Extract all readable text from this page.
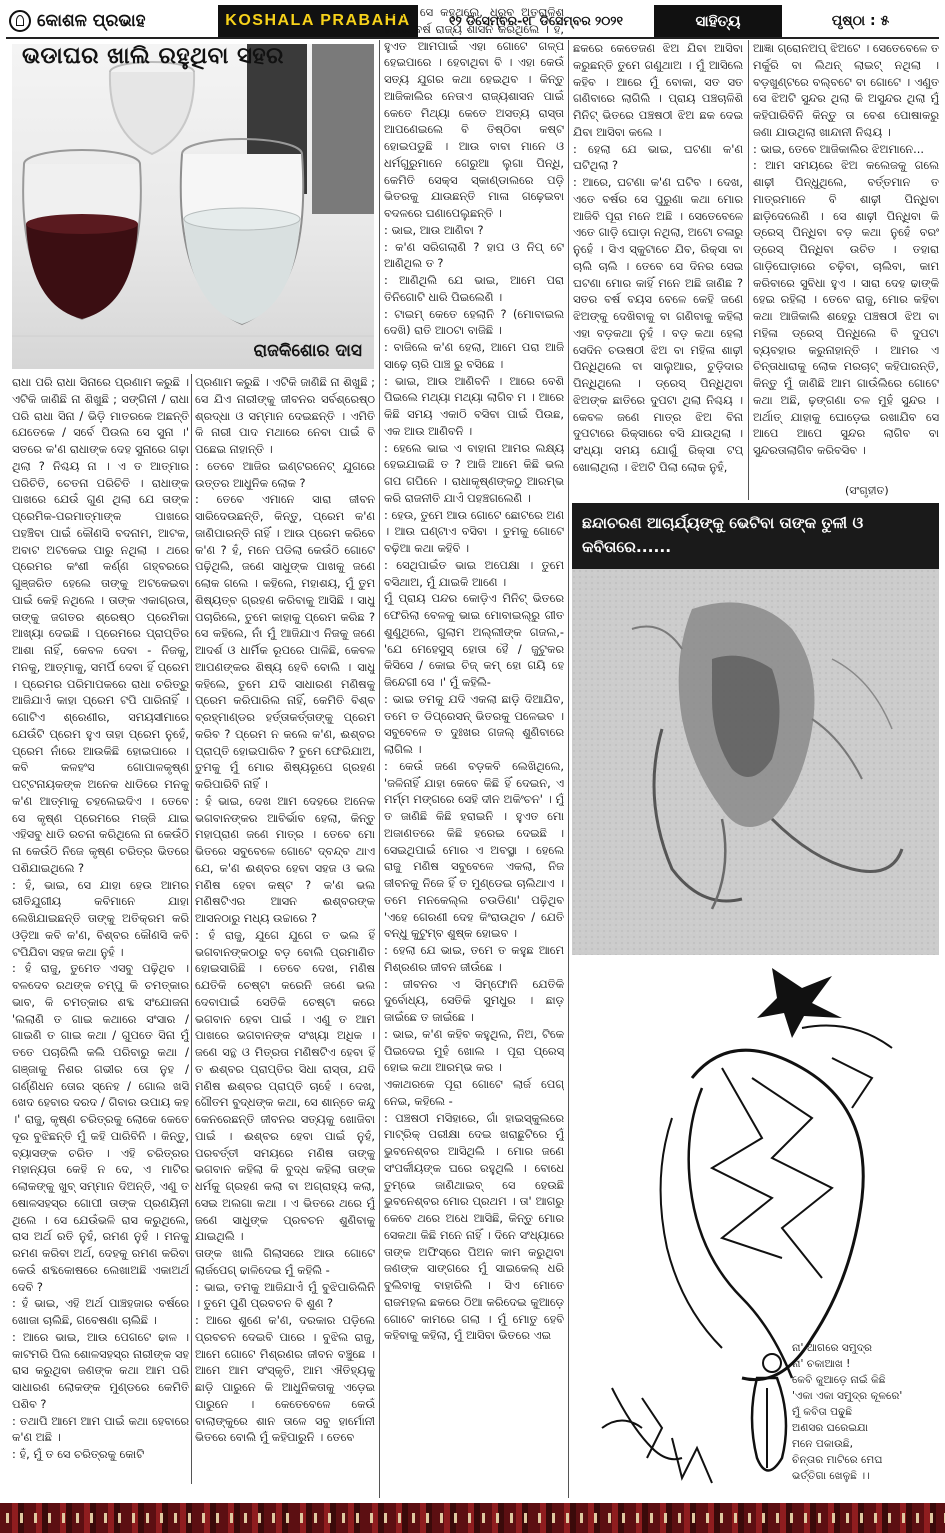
କୋଶଳ ପ୍ରଭାହ	KOSHALA PRABAHA	୧୨ ଡିସେମ୍ବର-୧୮ ଡିସେମ୍ବର ୨୦୨୧	ସାହିତ୍ୟ	ପୃଷ୍ଠା : ୫
ରାଜକିଶୋର ଦାସ
ଭଡାଘର ଖାଲି ରହୁଥିବା ସହର

ରାଧା ପରି ରାଧା ସିନାରେ ପ୍ରଣାମ କରୁଛି । ଏଟିକି ଜାଣିଛି ନା ଶିଖୁଛି ; ସଙ୍ଗିନୀ / ରାଧା ପରି ରାଧା ସିନା / ଭିଡ଼ି ମାତରକେ ଅଛନ୍ତି ଯେତେକେ / ସର୍ବେ ପିଉଲ ସେ ସୁନା ।' ସତରେ କ'ଣ ରାଧାଙ୍କ ଦେହ ସୁନାରେ ଗଢ଼ା ଥିଲା ? ନିଶ୍ଚୟ ନା । ଏ ତ ଆତ୍ମାର ପରିଚିତି, ଚେତନା ପରିଚିତି । ରାଧାଙ୍କ ପାଖରେ ଯେଉଁ ଗୁଣ ଥିଲା ଯେ ତାଙ୍କ ପ୍ରେମିକ-ପରମାତ୍ମାଙ୍କ ପାଖରେ ପହଞ୍ଚିବା ପାଇଁ କୌଣସି ବଦନାମ, ଆଟକ, ଅବାଟ ଅଟକେଇ ପାରୁ ନଥିଲା । ଥରେ ପ୍ରେମର କଂଶୀ କର୍ଣ୍ଣ ଗହ୍ବରରେ ଗୁଞ୍ଜରିତ ହେଲେ ତାଙ୍କୁ ଅଟକେଇବା ପାଇଁ କେହି ନଥିଲେ । ତାଙ୍କ ଏକାଗ୍ରତା, ତାଙ୍କୁ ଜଗତର ଶ୍ରେଷ୍ଠ ପ୍ରେମିକା ଆଖ୍ୟା ଦେଇଛି । ପ୍ରେମରେ ପ୍ରାପ୍ତିର ଆଶା ନାହିଁ, କେବଳ ଦେବା - ନିଜକୁ, ମନକୁ, ଆତ୍ମାକୁ, ସମର୍ପି ଦେବା ହିଁ ପ୍ରେମ । ପ୍ରେମର ପରିମାପକରେ ରାଧା ଚରିତ୍ରୁ ଆଜିଯାଏଁ କାହା ପ୍ରେମ ଟପି ପାରିନାହିଁ । ଗୋଟିଏ ଶ୍ରେଣୀର, ସମୟସୀମାରେ ଯେଉଁଟି ପ୍ରେମ ହୁଏ ତାହା ପ୍ରେମ ନୁହେଁ, ପ୍ରେମ ନାଁରେ ଆଉକିଛି ହୋଇପାରେ । କବି କଳହଂସ ଗୋପାଳକୃଷ୍ଣ ପଟ୍ଟନାୟକଙ୍କ ଅନେକ ଧାଡିରେ ମନକୁ କ'ଣ ଆତ୍ମାକୁ ଚହଲେଇଦିଏ । ତେବେ ସେ କୃଷ୍ଣ ପ୍ରେମରେ ମଜ୍ଜି ଯାଇ ଏହିସବୁ ଧାଡି ରଚନା କରିଥିଲେ ନା କେଉଁଠି ନା କେଉଁଠି ନିଜେ କୃଷ୍ଣ ଚରିତ୍ର ଭିତରେ ପଶିଯାଇଥିଲେ ?

: ହଁ, ଭାଇ, ସେ ଯାହା ହେଉ ଆମର ରୀତିଯୁଗୀୟ କବିମାନେ ଯାହା ଲେଖିଯାଇଛନ୍ତି ତାଙ୍କୁ ଅତିକ୍ରମ କରି ଓଡ଼ିଆ କବି କ'ଣ, ବିଶ୍ବର କୌଣସି କବି ଟପିଯିବା ସହଜ କଥା ନୁହଁ ।

: ହଁ ରାଜୁ, ତୁମେତ ଏସବୁ ପଢ଼ିଥିବ । ବଳଦେବ ରଥଙ୍କ ଚମ୍ପୁ କି ଚମତ୍କାର ଭାବ, କି ଚମତ୍କାର ଶବ୍ଦ ସଂଯୋଜନା 'ଲଲାଣି ତ ଗାଇ କଥାରେ ସଂସାର / ଗାଇଣି ତ ଗାଇ କଥା / ଗୁପତେ ସିନା ମୁଁ ତତେ ପଚାରିଲି କଲି ପରିବାରୁ କଥା / ଗଞ୍ଜାକୁ ନିଶର ଗଭୀର ତୋ ନୁହ / ଗର୍ଣ୍ଣିଧନ ତୋର ସ୍ନେହ / ଗୋଲ ଖସି ଖେଦ ହେବାର ଦରଦ / ଗିବାର ଉପାୟ କହ ।' ରାଜୁ, କୃଷ୍ଣ ଚରିତ୍ରକୁ ଲୋକେ କେତେ ଦୂର ବୁଝିଛନ୍ତି ମୁଁ କହି ପାରିବିନି । କିନ୍ତୁ, ବ୍ୟାସଙ୍କ ଚରିତ । ଏହି ଚରିତ୍ରର ମହାନ୍ୟତା କେହି ନ ଦେ, ଏ ମାଟିର ଲୋକଙ୍କୁ ଖୁବ୍ ସମ୍ମାନ ଦିଅନ୍ତି, ଏଣୁ ତ ଷୋଳସହସ୍ର ଗୋପୀ ତାଙ୍କ ପ୍ରଣୟିନୀ ଥିଲେ । ସେ ଯେଉଁଭଳି ରାସ କରୁଥିଲେ, ରାସ ଅର୍ଥ ରତି ନୁହଁ, ରମଣ ନୁହଁ । ମନକୁ ରମଣ କରିବା ଅର୍ଥ, ଦେହକୁ ରମଣ କରିବା କେଉଁ ଶବ୍ଦକୋଷରେ ଲେଖାଅଛି ଏକାଅର୍ଥ ଦେବି ?

: ହଁ ଭାଇ, ଏହି ଅର୍ଥ ପାଞ୍ଚହଜାର ବର୍ଷରେ ଖୋଜା ଚାଲିଛି, ଗବେଷଣା ଚାଲିଛି ।

: ଆରେ ଭାଇ, ଆଉ ପେଗଟେ ଢାଳ । କାଟମରି ପିଲ ଶୋଳସହସ୍ର ନାରୀଙ୍କ ସହ ରାସ କରୁଥିବା ଜଣଙ୍କ କଥା ଆମ ପରି ସାଧାରଣ ଲୋକଙ୍କ ମୁଣ୍ଡରେ କେମିତି ପଶିବ ?

: ତଥାପି ଆମେ ଆମ ପାଇଁ କଥା ହେବାରେ କ'ଣ ଅଛି ।

: ହଁ, ମୁଁ ତ ସେ ଚରିତ୍ରକୁ କୋଟି

ପ୍ରଣାମ କରୁଛି । ଏଟିକି ଜାଣିଛି ନା ଶିଖୁଛି ; ସେ ଯିଏ ନାରୀଙ୍କୁ ଜୀବନର ସର୍ବଶ୍ରେଷ୍ଠ ଶ୍ରଦ୍ଧା ଓ ସମ୍ମାନ ଦେଇଛନ୍ତି । ଏମିତି କି ନାରୀ ପାଦ ମଥାରେ ନେବା ପାଇଁ ବି ପଛେଇ ନାହାନ୍ତି ।

: ତେବେ ଆଜିର ଇଣ୍ଟରନେଟ୍ ଯୁଗରେ ଉତ୍ତର ଆଧୁନିକ ଲୋକ ?

: ତେବେ ଏମାନେ ସାରା ଜୀବନ ସାରିଦେଉଛନ୍ତି, କିନ୍ତୁ, ପ୍ରେମ କ'ଣ ଜାଣିପାରନ୍ତି ନାହିଁ । ଆଉ ପ୍ରେମ କରିବେ କ'ଣ ? ହଁ, ମନେ ପଡିଲା କେଉଁଠି ଗୋଟେ ପଢ଼ିଥିଲି, ଜଣେ ସାଧୁଙ୍କ ପାଖକୁ ଜଣେ ଲୋକ ଗଲେ । କହିଲେ, ମହାଶୟ, ମୁଁ ତୁମ ଶିଷ୍ୟତ୍ବ ଗ୍ରହଣ କରିବାକୁ ଆସିଛି । ସାଧୁ ପଚାରିଲେ, ତୁମେ କାହାକୁ ପ୍ରେମ କରିଛ ? ସେ କହିଲେ, ନାଁ ମୁଁ ଆଜିଯାଏ ନିଜକୁ ଜଣେ ଆଦର୍ଶ ଓ ଧାର୍ମିକ ରୂପରେ ପାଳିଛି, କେବଳ ଆପଣଙ୍କର ଶିଷ୍ୟ ହେବି ବୋଲି । ସାଧୁ କହିଲେ, ତୁମେ ଯଦି ସାଧାରଣ ମଣିଷକୁ ପ୍ରେମ କରିପାରିଲ ନାହିଁ, କେମିତି ବିଶ୍ବ ବ୍ରହ୍ମାଣ୍ଡର ହର୍ତ୍ତାକର୍ତ୍ତାଙ୍କୁ ପ୍ରେମ କରିବ ? ପ୍ରେମ ନ କଲେ କ'ଣ, ଈଶ୍ବର ପ୍ରାପ୍ତି ହୋଇପାରିବ ? ତୁମେ ଫେରିଯାଅ, ତୁମକୁ ମୁଁ ମୋର ଶିଷ୍ୟରୂପେ ଗ୍ରହଣ କରିପାରିବି ନାହିଁ ।

: ହଁ ଭାଇ, ଦେଖ ଆମ ଦେହରେ ଅନେକ ଭଗବାନଙ୍କର ଆବିର୍ଭାବ ହେଲା, କିନ୍ତୁ ମହାପ୍ରାଣ ଜଣେ ମାତ୍ର । ତେବେ ମୋ ଭିତରେ ସବୁବେଳେ ଗୋଟେ ଦ୍ବନ୍ଦ୍ବ ଥାଏ ଯେ, କ'ଣ ଈଶ୍ବର ହେବା ସହଜ ଓ ଭଲ ମଣିଷ ହେବା କଷ୍ଟ ? କ'ଣ ଭଲ ମଣିଷଟିଏର ଆସନ ଈଶ୍ବରଙ୍କ ଆସନଠାରୁ ମଧ୍ୟ ଉଚ୍ଚାରେ ?

: ହଁ ରାଜୁ, ଯୁଗେ ଯୁଗେ ତ ଭଲ ହିଁ ଭଗବାନଙ୍କଠାରୁ ବଡ଼ ବୋଲି ପ୍ରମାଣିତ ହୋଇସାରିଛି । ତେବେ ଦେଖ, ମଣିଷ ଯେତିକି ଚେଷ୍ଟା କରେନି ଜଣେ ଭଲ ଦେବାପାଇଁ ସେତିକି ଚେଷ୍ଟା କରେ ଭଗବାନ ହେବା ପାଇଁ । ଏଣୁ ତ ଆମ ପାଖରେ ଭଗବାନଙ୍କ ସଂଖ୍ୟା ଅଧିକ । ଜଣେ ସନ୍ଥ ଓ ମିତ୍ରତା ମଣିଷଟିଏ ହେବା ହିଁ ତ ଈଶ୍ବର ପ୍ରାପ୍ତିର ସିଧା ରାସ୍ତା, ଯଦି ମଣିଷ ଈଶ୍ବର ପ୍ରାପ୍ତି ଚାହେଁ । ଦେଖ, ଗୌତମ ବୁଦ୍ଧଙ୍କ କଥା, ସେ ଶାନ୍ତେ କନ୍ଦୁ କେନରେଛନ୍ତି ଜୀବନର ସତ୍ୟକୁ ଖୋଜିବା ପାଇଁ । ଈଶ୍ବର ହେବା ପାଇଁ ନୁହଁ, ପରବର୍ତ୍ତୀ ସମୟରେ ମଣିଷ ତାଙ୍କୁ ଭଗବାନ କହିଲା କି ବୁଦ୍ଧ କହିଲା ତାଙ୍କ ଧର୍ମକୁ ଗ୍ରହଣ କଲା ବା ଅଗ୍ରାହ୍ୟ କଲା, ସେଇ ଅଲଗା କଥା । ଏ ଭିତରେ ଥରେ ମୁଁ ଜଣେ ସାଧୁଙ୍କ ପ୍ରବଚନ ଶୁଣିବାକୁ ଯାଇଥିଲି ।

ତାଙ୍କ ଖାଲି ଗିଲାସରେ ଆଉ ଗୋଟେ ଲାର୍ଜପେଗ୍ ଢାଳିଦେଇ ମୁଁ କହିଲି -

: ଭାଇ, ତମକୁ ଆଜିଯାଏଁ ମୁଁ ବୁଝିପାରିଲିନି । ତୁମେ ପୁଣି ପ୍ରବଚନ ବି ଶୁଣ ?

: ଆରେ ଶୁଣେ କ'ଣ, ଦରକାର ପଡ଼ିଲେ ପ୍ରବଚନ ଦେଇବି ପାରେ । ବୁଝିଲ ରାଜୁ, ଆମେ ଗୋଟେ ମିଶ୍ରଣର ଜୀବନ ବଞ୍ଚୁଛେ । ଆମେ ଆମ ସଂସ୍କୃତି, ଆମ ଐତିହ୍ୟକୁ ଛାଡ଼ି ପାରୁନେ କି ଆଧୁନିକତାକୁ ଏଡ଼େଇ ପାରୁନେ । କେତେବେଳେ କେଉଁ ବାଲାଙ୍କୁରେ ଶାନ ତାଳେ ସବୁ ହାର୍ମୋନୀ ଭିତରେ ବୋଲି ମୁଁ କହିପାରୁନି । ତେବେ

ସେଦିନ ସେ କହୁଥିଲେ, ଧ୍ରୁବ ଅତରାଳିଶ ହଜାର ବର୍ଷ ରାଜ୍ୟ ଶାସନ କରିଥିଲେ । ହଁ, ହୁଏତ ଆମପାଇଁ ଏହା ଗୋଟେ ଗଳ୍ପ ହେଇପାରେ । ହେବାଥିବା ବି । ଏହା କେଉଁ ସତ୍ୟ ଯୁଗର କଥା ହେଇଥିବ । କିନ୍ତୁ ଆଜିକାଲିର ନେତାଏ ରାଜ୍ୟଶାସନ ପାଇଁ କେତେ ମିଥ୍ୟା କେତେ ଅସତ୍ୟ ରାସ୍ତା ଆପଣେଇଲେ ବି ତିଷ୍ଠିବା କଷ୍ଟ ହୋଇପଡୁଛି । ଆଉ ବାବା ମାନେ ଓ ଧର୍ମଗୁରୁମାନେ ଗେରୁଆ ଲୁଗା ପିନ୍ଧି, କେମିତି ସେକ୍ସ ସ୍କାଣ୍ଡାଲରେ ପଡ଼ି ଭିତରକୁ ଯାଉଛନ୍ତି ମାଳା ଗଢ଼େଇବା ବଦଳରେ ଘଣାପେଲୁଛନ୍ତି ।

: ଭାଇ, ଆଉ ଆଣିବା ?

: କ'ଣ ସରିଗଲାଣି ? ହାପ ଓ ନିପ୍ ଟେ ଆଣିଥିଲ ତ ?

: ଆଣିଥିଲି ଯେ ଭାଇ, ଆମେ ପରା ତିନିଗୋଟି ଧାରି ପିଇଲେଣି ।

: ଟାଇମ୍ କେତେ ହେଲାନି ? (ମୋବାଇଲ ଦେଖି) ରାତି ଆଠଟା ବାଜିଛି ।

: ବାଜିଲେ କ'ଣ ହେଲା, ଆମେ ପରା ଆଜି ସାଢ଼େ ଚାରି ପାଞ୍ଚ ରୁ ବସିଛେ ।

: ଭାଇ, ଆଉ ଆଣିବନି । ଆରେ ବେଶି ପିଇଲେ ମଥ୍ୟା ମଥ୍ୟା ଲାଗିବ ମ । ଆରେ କିଛି ସମୟ ଏକାଠି ବସିବା ପାଇଁ ପିଉଛ, ଏକ ଆଉ ଆଣିବନି ।

: ହେଲେ ଭାଇ ଏ ବାହାନା ଆମର ଲକ୍ଷ୍ୟ ହେଇଯାଇଛି ତ ? ଆଜି ଆମେ କିଛି ଭଲ ଗପ ଗପିନେ । ରାଧାକୃଷ୍ଣଙ୍କଠୁ ଆରମ୍ଭ କରି ରାଜନୀତି ଯାଏଁ ପହଞ୍ଚଗଲେଣି ।

: ହେଉ, ତୁମେ ଆଉ ଗୋଟେ ଛୋଟରେ ଅଣ । ଆଉ ଘଣ୍ଟାଏ ବସିବା । ତୁମକୁ ଗୋଟେ ବଢ଼ିଆ କଥା କହିବି ।

: ସେଥିପାଇଁତ ଭାଇ ଅପେକ୍ଷା । ତୁମେ ବସିଥାଅ, ମୁଁ ଯାଇକି ଆଣେ ।

ମୁଁ ପ୍ରାୟ ପନ୍ଦର କୋଡ଼ିଏ ମିନିଟ୍ ଭିତରେ ଫେରିଲା ବେଳକୁ ଭାଇ ମୋବାଇଲ୍ରୁ ଗୀତ ଶୁଣୁଥିଲେ, ଗୁଲାମ ଅଲ୍ଲୀଙ୍କ ଗଜଲ,- 'ଯେ ମେହେସୁସ୍ ହୋତା ହୈ / ଜୁଟୁକର କିସିସେ / କୋଇ ଚିଜ୍ କମ୍ ହୋ ଗୟି ହେ ଜିନ୍ଦେଗୀ ସେ ।' ମୁଁ କହିଲି-

: ଭାଇ ତମକୁ ଯଦି ଏକଲା ଛାଡ଼ି ଦିଆଯିବ, ତମେ ତ ଡିପ୍ରେସନ୍ ଭିତରକୁ ପଳେଇବ । ସବୁବେଳେ ତ ଦୁଃଖର ଗଜଲ୍ ଶୁଣିବାରେ ଲାଗିଲ ।

: କେଉଁ ଜଣେ ବଡ଼କବି ଲେଖିଥିଲେ, 'ଜଳିନାହିଁ ଯାହା କେବେ କିଛି ହିଁ ଦେଇନ, ଏ ମର୍ମ୍ମ ମଙ୍ଗରେ ସେହି ଦୀନ ଅକିଂଚନ' । ମୁଁ ତ ଜାଣିଛି କିଛି ହରାଇନି । ହୁଏତ ମୋ ଅଜାଣତରେ କିଛି ହରେଇ ଦେଇଛି । ସେଇଥିପାଇଁ ମୋର ଏ ଅବସ୍ଥା । ହେଲେ ରାଜୁ ମଣିଷ ସବୁବେଳେ ଏକଲା, ନିଜ ଜୀବନକୁ ନିଜେ ହିଁ ତ ମୁଣ୍ଡେଇ ଚାଲିଥାଏ । ତମେ ମନକେଲ୍ଲ ଚଉଡିଣା' ପଢ଼ିଥିବ 'ଏହେ ଗେରଣୀ ଦେହ କିଂରାଉଥିବ / ଯେତି ବନ୍ଧୁ କୁଟୁମ୍ବ ଶୁଷ୍କ ହୋଇବ ।

: ହେଲା ଯେ ଭାଇ, ତମେ ତ କହୁଛ ଆମେ ମିଶ୍ରଣର ଜୀବନ ଜୀଉଁଛେ ।

: ଜୀବନର ଏ ସିମ୍ଫୋନି ଯେତିକି ଦୁର୍ବୋଧ୍ୟ, ସେତିକି ସୁମଧୁର । ଛାଡ଼ ଜାଇଁଛେ ତ ଜାଇଁଛେ ।

: ଭାଇ, କ'ଣ କହିବ କହୁଥିଲ, ନିଅ, ଟିକେ ପିଇଦେଇ ମୁହଁ ଖୋଲ । ପୂରା ପ୍ରେସ୍ ହୋଇ କଥା ଆରମ୍ଭ କର ।

ଏକାଥରକେ ପୂରା ଗୋଟେ ଲାର୍ଜ ପେଗ୍ ନେଇ, କହିଲେ -

: ପଞ୍ଚଷଠୀ ମସିହାରେ, ଗାଁ ହାଇସ୍କୁଲରେ ମାଟ୍ରିକ୍ ପରୀକ୍ଷା ଦେଇ ଖରାଛୁଟିରେ ମୁଁ ଭୁବନେଶ୍ବର ଆସିଥିଲି । ମୋର ଜଣେ ସଂପର୍କୀୟଙ୍କ ଘରେ ରହୁଥିଲି । ବୋଧେ ତୁମ୍ଭେ ଜାଣିଥାଇବ୍ ସେ ହେଉଛି ଭୁବନେଶ୍ବର ମୋର ପ୍ରଥମ । ତା' ଆଗରୁ କେବେ ଥରେ ଅଧେ ଆସିଛି, କିନ୍ତୁ ମୋର ସେକଥା କିଛି ମନେ ନାହିଁ । ଦିନେ ସଂଧ୍ୟାରେ ତାଙ୍କ ଅଫିସ୍ରେ ପିଅନ କାମ କରୁଥିବା ଜଣଙ୍କ ସାଙ୍ଗରେ ମୁଁ ସାଇକେଲ୍ ଧରି ବୁଲିବାକୁ ବାହାରିଲି । ସିଏ ମୋତେ ରାଜମହଲ ଛକରେ ଠିଆ କରିଦେଇ କୁଆଡ଼େ ଗୋଟେ କାମରେ ଗଲା । ମୁଁ ମୋତୁ ହେବି କହିବାକୁ କହିଲା, ମୁଁ ଆସିବା ଭିତରେ ଏଇ

ଛକରେ କେତେଜଣ ଝିଅ ଯିବା ଆସିବା କରୁଛନ୍ତି ତୁମେ ଗଣୁଥାଅ । ମୁଁ ଆସିଲେ କହିବ । ଆରେ ମୁଁ ବୋକା, ସତ ସତ ଗଣିବାରେ ଲାଗିଲି । ପ୍ରାୟ ପଞ୍ଚଚାଳିଶି ମିନିଟ୍ ଭିତରେ ପଞ୍ଚଷଠୀ ଝିଅ ଛକ ଦେଇ ଯିବା ଆସିବା କଲେ ।

: ହେଲା ଯେ ଭାଇ, ଘଟଣା କ'ଣ ଘଟିଥିଲା ?

: ଆରେ, ଘଟଣା କ'ଣ ଘଟିବ । ଦେଖ, ଏତେ ବର୍ଷର ସେ ପୁରୁଣା କଥା ମୋର ଆଜିବି ପୂରା ମନେ ଅଛି । ସେତେବେଳେ ଏତେ ଗାଡ଼ି ଘୋଡ଼ା ନଥିଲା, ଅଟୋ ଚଳାରୁ ନୁହେଁ । ସିଏ ସ୍କୁଟାଚେ ଯିବ, ରିକ୍ସା ବା ଚାଲି ଚାଲି । ତେବେ ସେ ଦିନର ସେଇ ଘଟଣା ମୋର କାହିଁ ମନେ ଅଛି ଜାଣିଛ ? ସତର ବର୍ଷ ବୟସ ବେଳେ କେହି ଜଣେ ଝିଅଙ୍କୁ ଦେଖିବାକୁ ବା ଗଣିବାକୁ କହିଲା ଏହା ବଡ଼କଥା ନୁହଁ । ବଡ଼ କଥା ହେଲା ସେଦିନ ଚଉଷଠୀ ଝିଅ ବା ମହିଳା ଶାଢ଼ୀ ପିନ୍ଧିଥିଲେ ବା ସାଲୁଆର, ଚୁଡ଼ିଦାର ପିନ୍ଧିଥିଲେ । ଡ୍ରେସ୍ ପିନ୍ଧିଥିବା ଝିଅଙ୍କ ଛାତିରେ ଦୁପଟା ଥିଲା ନିଶ୍ଚୟ । କେବଳ ଜଣେ ମାତ୍ର ଝିଅ ବିନା ଦୁପଟାରେ ରିକ୍ସାରେ ବସି ଯାଉଥିଲା । ସଂଧ୍ୟା ସମୟ ଯୋଗୁଁ ରିକ୍ସା ଟପ୍ ଖୋଲାଥିଲା । ଝିଅଟି ପିଲା ଲୋକ ନୁହଁ,

ଆଜ୍ଞା ଗ୍ରୋନଅପ୍ ଝିଅଟେ । ସେତେବେଳେ ତ ମର୍କୁରି ବା ଲିଥନ୍ ଲାଇଟ୍ ନଥିଲା । ବଡ଼ଖୁଣ୍ଟରେ ବଲ୍ବଟେ ବା ଗୋଟେ । ଏଣୁତ ସେ ଝିଅଟି ସୁନ୍ଦର ଥିଲା କି ଅସୁନ୍ଦର ଥିଲା ମୁଁ କହିପାରିବିନି କିନ୍ତୁ ତା ବେଶ ପୋଷାକରୁ ଜଣା ଯାଉଥିଲା ଖାନ୍ଦାନୀ ନିଶ୍ଚୟ ।

: ଭାଇ, ତେବେ ଆଜିକାଲିର ଝିଅମାନେ...

: ଆମ ସମୟରେ ଝିଅ କଲେଜକୁ ଗଲେ ଶାଢ଼ୀ ପିନ୍ଧୁଥିଲେ, ବର୍ତ୍ତମାନ ତ ମାତ୍ରମାନେ ବି ଶାଢ଼ୀ ପିନ୍ଧିବା ଛାଡ଼ିଦେଲେଣି । ସେ ଶାଢ଼ୀ ପିନ୍ଧିବା କି ଡ୍ରେସ୍ ପିନ୍ଧିବା ବଡ଼ କଥା ନୁହେଁ ବରଂ ଡ୍ରେସ୍ ପିନ୍ଧିବା ଉଚିତ । ତହାରା ଗାଡ଼ିଘୋଡ଼ାରେ ଚଢ଼ିବା, ଚାଲିବା, କାମ କରିବାରେ ସୁବିଧା ହୁଏ । ସାରା ଦେହ ଢାଙ୍କି ହେଇ ରହିଲା । ତେବେ ରାଜୁ, ମୋର କହିବା କଥା ଆଜିକାଲି ଶହେରୁ ପଞ୍ଚଷଠୀ ଝିଅ ବା ମହିଳା ଡ୍ରେସ୍ ପିନ୍ଧିଲେ ବି ଦୁପଟା ବ୍ୟବହାର କରୁନାହାନ୍ତି । ଆମର ଏ ଚିନ୍ତାଧାରାକୁ ଲୋକ ମରଚାଟ୍ କହିପାରନ୍ତି, କିନ୍ତୁ ମୁଁ ଜାଣିଛି ଆମ ଗାଉଁଲିରେ ଗୋଟେ କଥା ଅଛି, ଢ଼ଙ୍ଗଣା ଚଳ ମୁହଁ ସୁନ୍ଦର । ଅର୍ଥାତ୍ ଯାହାକୁ ଘୋଡ଼େଇ ରଖାଯିବ ସେ ଆପେ ଆପେ ସୁନ୍ଦର ଲାଗିବ ବା ସୁନ୍ଦରତାଲାଗିବ କରିବସିବ ।

(ସଂଗୃହୀତ)
ଛନ୍ଦାଚରଣ ଆଚାର୍ଯ୍ୟଙ୍କୁ ଭେଟିବା ତାଙ୍କ ତୁଳୀ ଓ କବିତାରେ......
ନା' ଆଗରେ ସମୁଦ୍ର
ନା' ଚକାଆଖ !
କେବି କୁଆଡ଼େ ନାଇଁ କିଛି
'ଏକା ଏକା ସମୁଦ୍ର କୂଳରେ'
ମୁଁ କବିତା ପଢୁଛି
ଅଣସର ଘରେଇଯା
ମନେ ପକାଉଛି,
ଚିନ୍ତାର ମାଟିରେ ମେଘ
ଭର୍ତ୍ତିଗା ଖେଳୁଛି ।।
